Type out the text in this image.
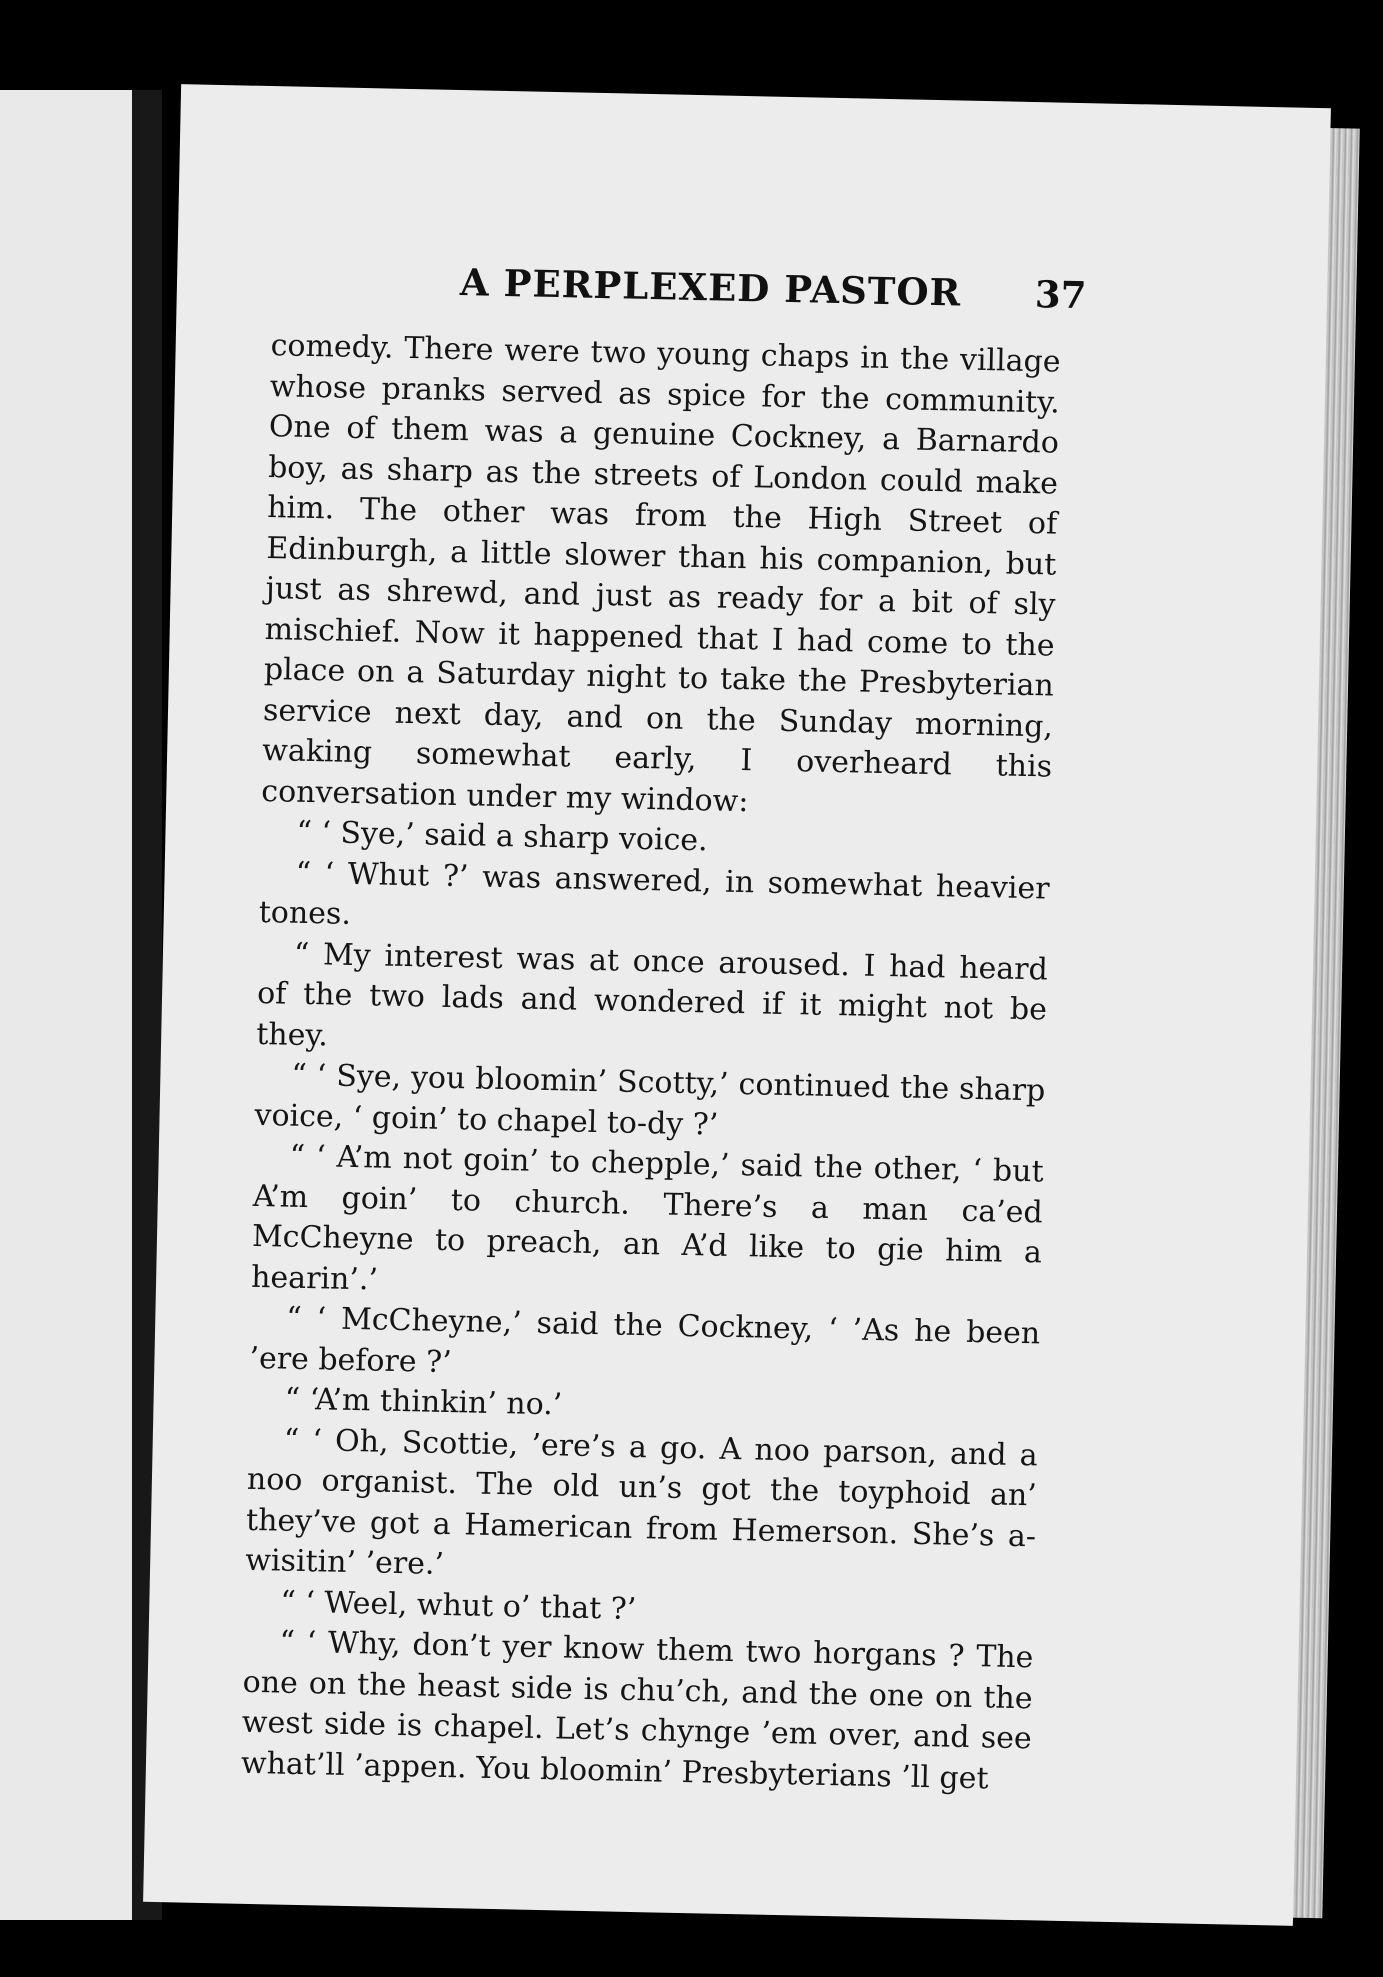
A PERPLEXED PASTOR 37

comedy. There were two young chaps in the village whose pranks served as spice for the community. One of them was a genuine Cockney, a Barnardo boy, as sharp as the streets of London could make him. The other was from the High Street of Edinburgh, a little slower than his companion, but just as shrewd, and just as ready for a bit of sly mischief. Now it happened that I had come to the place on a Saturday night to take the Presbyterian service next day, and on the Sunday morning, waking somewhat early, I overheard this conversation under my window:

“ ‘ Sye,’ said a sharp voice.

“ ‘ Whut ?’ was answered, in somewhat heavier tones.

“ My interest was at once aroused. I had heard of the two lads and wondered if it might not be they.

“ ‘ Sye, you bloomin’ Scotty,’ continued the sharp voice, ‘ goin’ to chapel to-dy ?’

“ ‘ A’m not goin’ to chepple,’ said the other, ‘ but A’m goin’ to church. There’s a man ca’ed McCheyne to preach, an A’d like to gie him a hearin’.’

“ ‘ McCheyne,’ said the Cockney, ‘ ’As he been ’ere before ?’

“ ‘A’m thinkin’ no.’

“ ‘ Oh, Scottie, ’ere’s a go. A noo parson, and a noo organist. The old un’s got the toyphoid an’ they’ve got a Hamerican from Hemerson. She’s a-wisitin’ ’ere.’

“ ‘ Weel, whut o’ that ?’

“ ‘ Why, don’t yer know them two horgans ? The one on the heast side is chu’ch, and the one on the west side is chapel. Let’s chynge ’em over, and see what’ll ’appen. You bloomin’ Presbyterians ’ll get
